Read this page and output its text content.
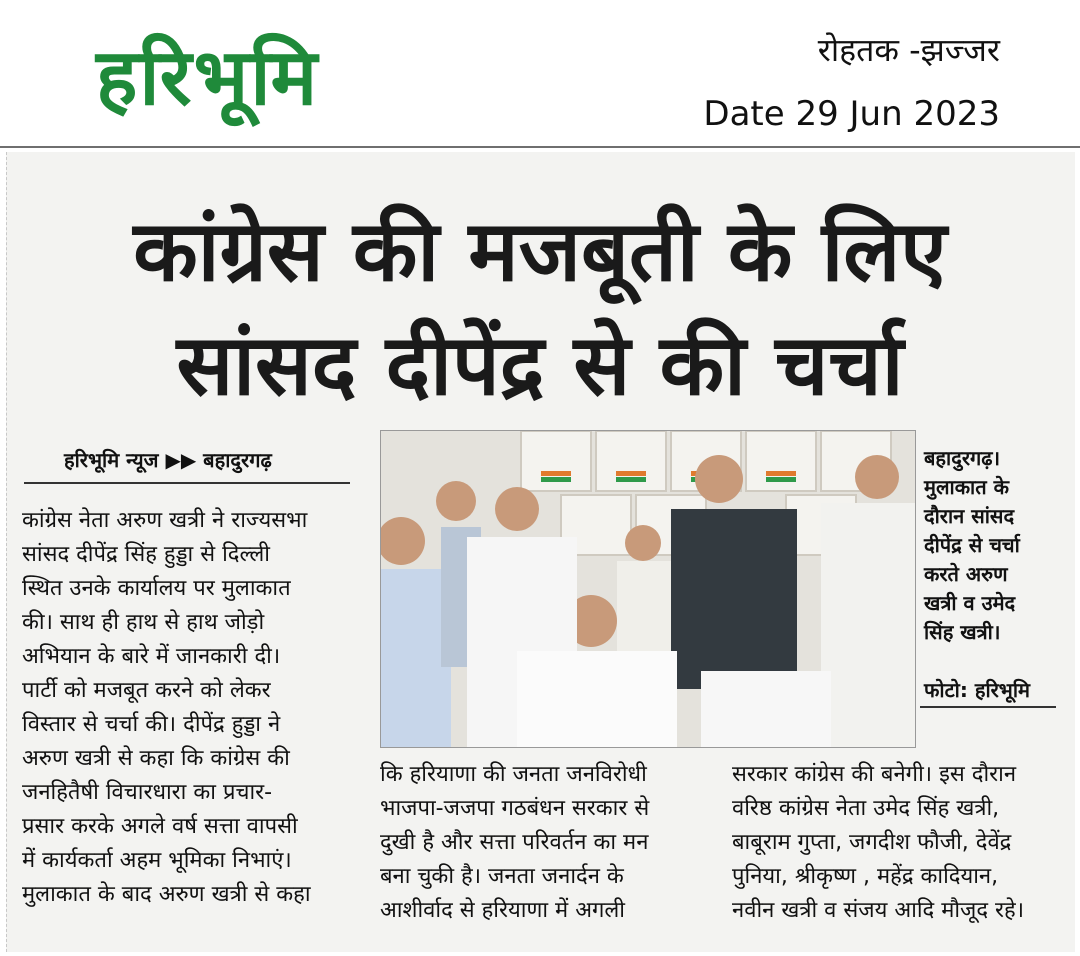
हरिभूमि	रोहतक -झज्जर
Date 29 Jun 2023
कांग्रेस की मजबूती के लिए
सांसद दीपेंद्र से की चर्चा
हरिभूमि न्यूज ▶▶ बहादुरगढ़

कांग्रेस नेता अरुण खत्री ने राज्यसभा

सांसद दीपेंद्र सिंह हुड्डा से दिल्ली

स्थित उनके कार्यालय पर मुलाकात

की। साथ ही हाथ से हाथ जोड़ो

अभियान के बारे में जानकारी दी।

पार्टी को मजबूत करने को लेकर

विस्तार से चर्चा की। दीपेंद्र हुड्डा ने

अरुण खत्री से कहा कि कांग्रेस की

जनहितैषी विचारधारा का प्रचार-

प्रसार करके अगले वर्ष सत्ता वापसी

में कार्यकर्ता अहम भूमिका निभाएं।

मुलाकात के बाद अरुण खत्री से कहा

बहादुरगढ़।

मुलाकात के

दौरान सांसद

दीपेंद्र से चर्चा

करते अरुण

खत्री व उमेद

सिंह खत्री।

फोटो: हरिभूमि

कि हरियाणा की जनता जनविरोधी

भाजपा-जजपा गठबंधन सरकार से

दुखी है और सत्ता परिवर्तन का मन

बना चुकी है। जनता जनार्दन के

आशीर्वाद से हरियाणा में अगली

सरकार कांग्रेस की बनेगी। इस दौरान

वरिष्ठ कांग्रेस नेता उमेद सिंह खत्री,

बाबूराम गुप्ता, जगदीश फौजी, देवेंद्र

पुनिया, श्रीकृष्ण , महेंद्र कादियान,

नवीन खत्री व संजय आदि मौजूद रहे।
